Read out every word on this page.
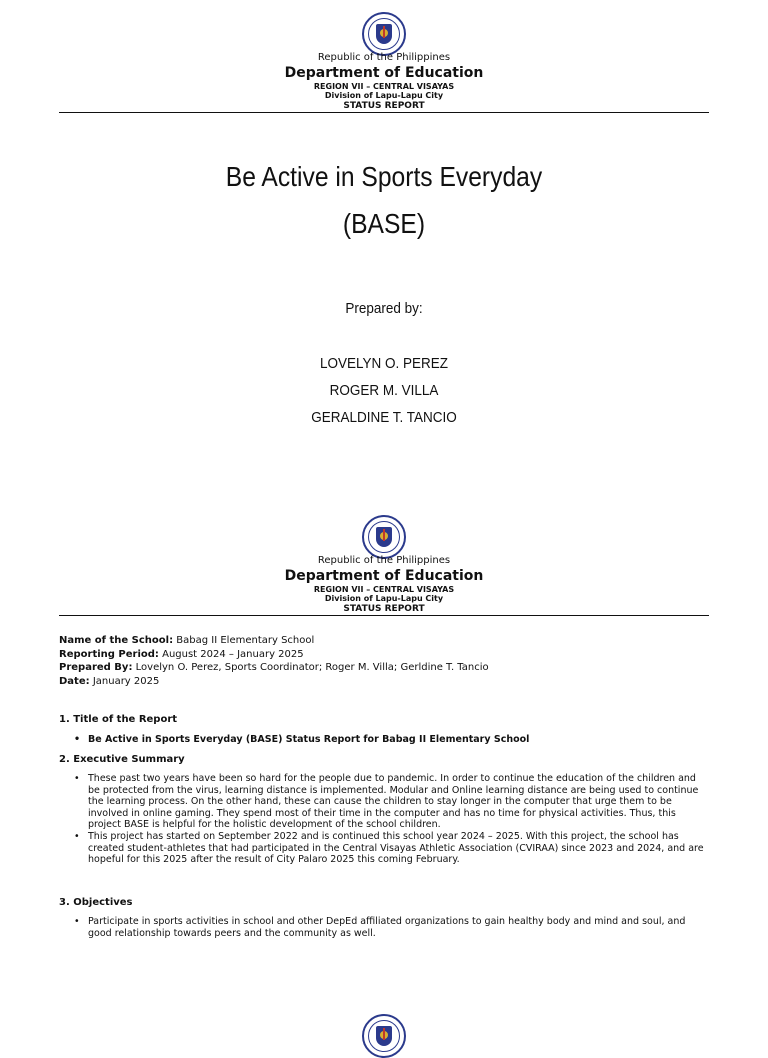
Republic of the Philippines

Department of Education

REGION VII – CENTRAL VISAYAS

Division of Lapu-Lapu City

STATUS REPORT

Be Active in Sports Everyday
(BASE)
Prepared by:
LOVELYN O. PEREZ
ROGER M. VILLA
GERALDINE T. TANCIO

Republic of the Philippines

Department of Education

REGION VII – CENTRAL VISAYAS

Division of Lapu-Lapu City

STATUS REPORT

Name of the School: Babag II Elementary School
Reporting Period: August 2024 – January 2025
Prepared By: Lovelyn O. Perez, Sports Coordinator; Roger M. Villa; Gerldine T. Tancio
Date: January 2025
1. Title of the Report
• Be Active in Sports Everyday (BASE) Status Report for Babag II Elementary School
2. Executive Summary
• These past two years have been so hard for the people due to pandemic. In order to continue the education of the children and be protected from the virus, learning distance is implemented. Modular and Online learning distance are being used to continue the learning process. On the other hand, these can cause the children to stay longer in the computer that urge them to be involved in online gaming. They spend most of their time in the computer and has no time for physical activities. Thus, this project BASE is helpful for the holistic development of the school children.
• This project has started on September 2022 and is continued this school year 2024 – 2025. With this project, the school has created student-athletes that had participated in the Central Visayas Athletic Association (CVIRAA) since 2023 and 2024, and are hopeful for this 2025 after the result of City Palaro 2025 this coming February.
3. Objectives
• Participate in sports activities in school and other DepEd affiliated organizations to gain healthy body and mind and soul, and good relationship towards peers and the community as well.
